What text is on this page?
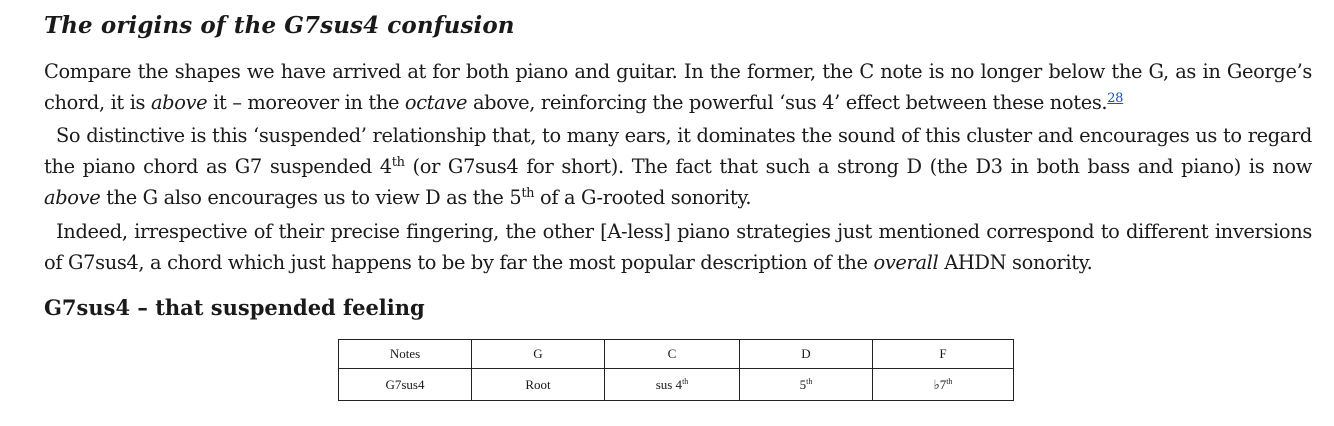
The origins of the G7sus4 confusion
Compare the shapes we have arrived at for both piano and guitar. In the former, the C note is no longer below the G, as in George’s chord, it is above it – moreover in the octave above, reinforcing the powerful ‘sus 4’ effect between these notes.$^{28}$
So distinctive is this ‘suspended’ relationship that, to many ears, it dominates the sound of this cluster and encourages us to regard the piano chord as G7 suspended 4th (or G7sus4 for short). The fact that such a strong D (the D3 in both bass and piano) is now above the G also encourages us to view D as the 5th of a G-rooted sonority.
Indeed, irrespective of their precise fingering, the other [A-less] piano strategies just mentioned correspond to different inversions of G7sus4, a chord which just happens to be by far the most popular description of the overall AHDN sonority.
G7sus4 – that suspended feeling
Notes	G	C	D	F
G7sus4	Root	sus 4th	5th	♭7th
